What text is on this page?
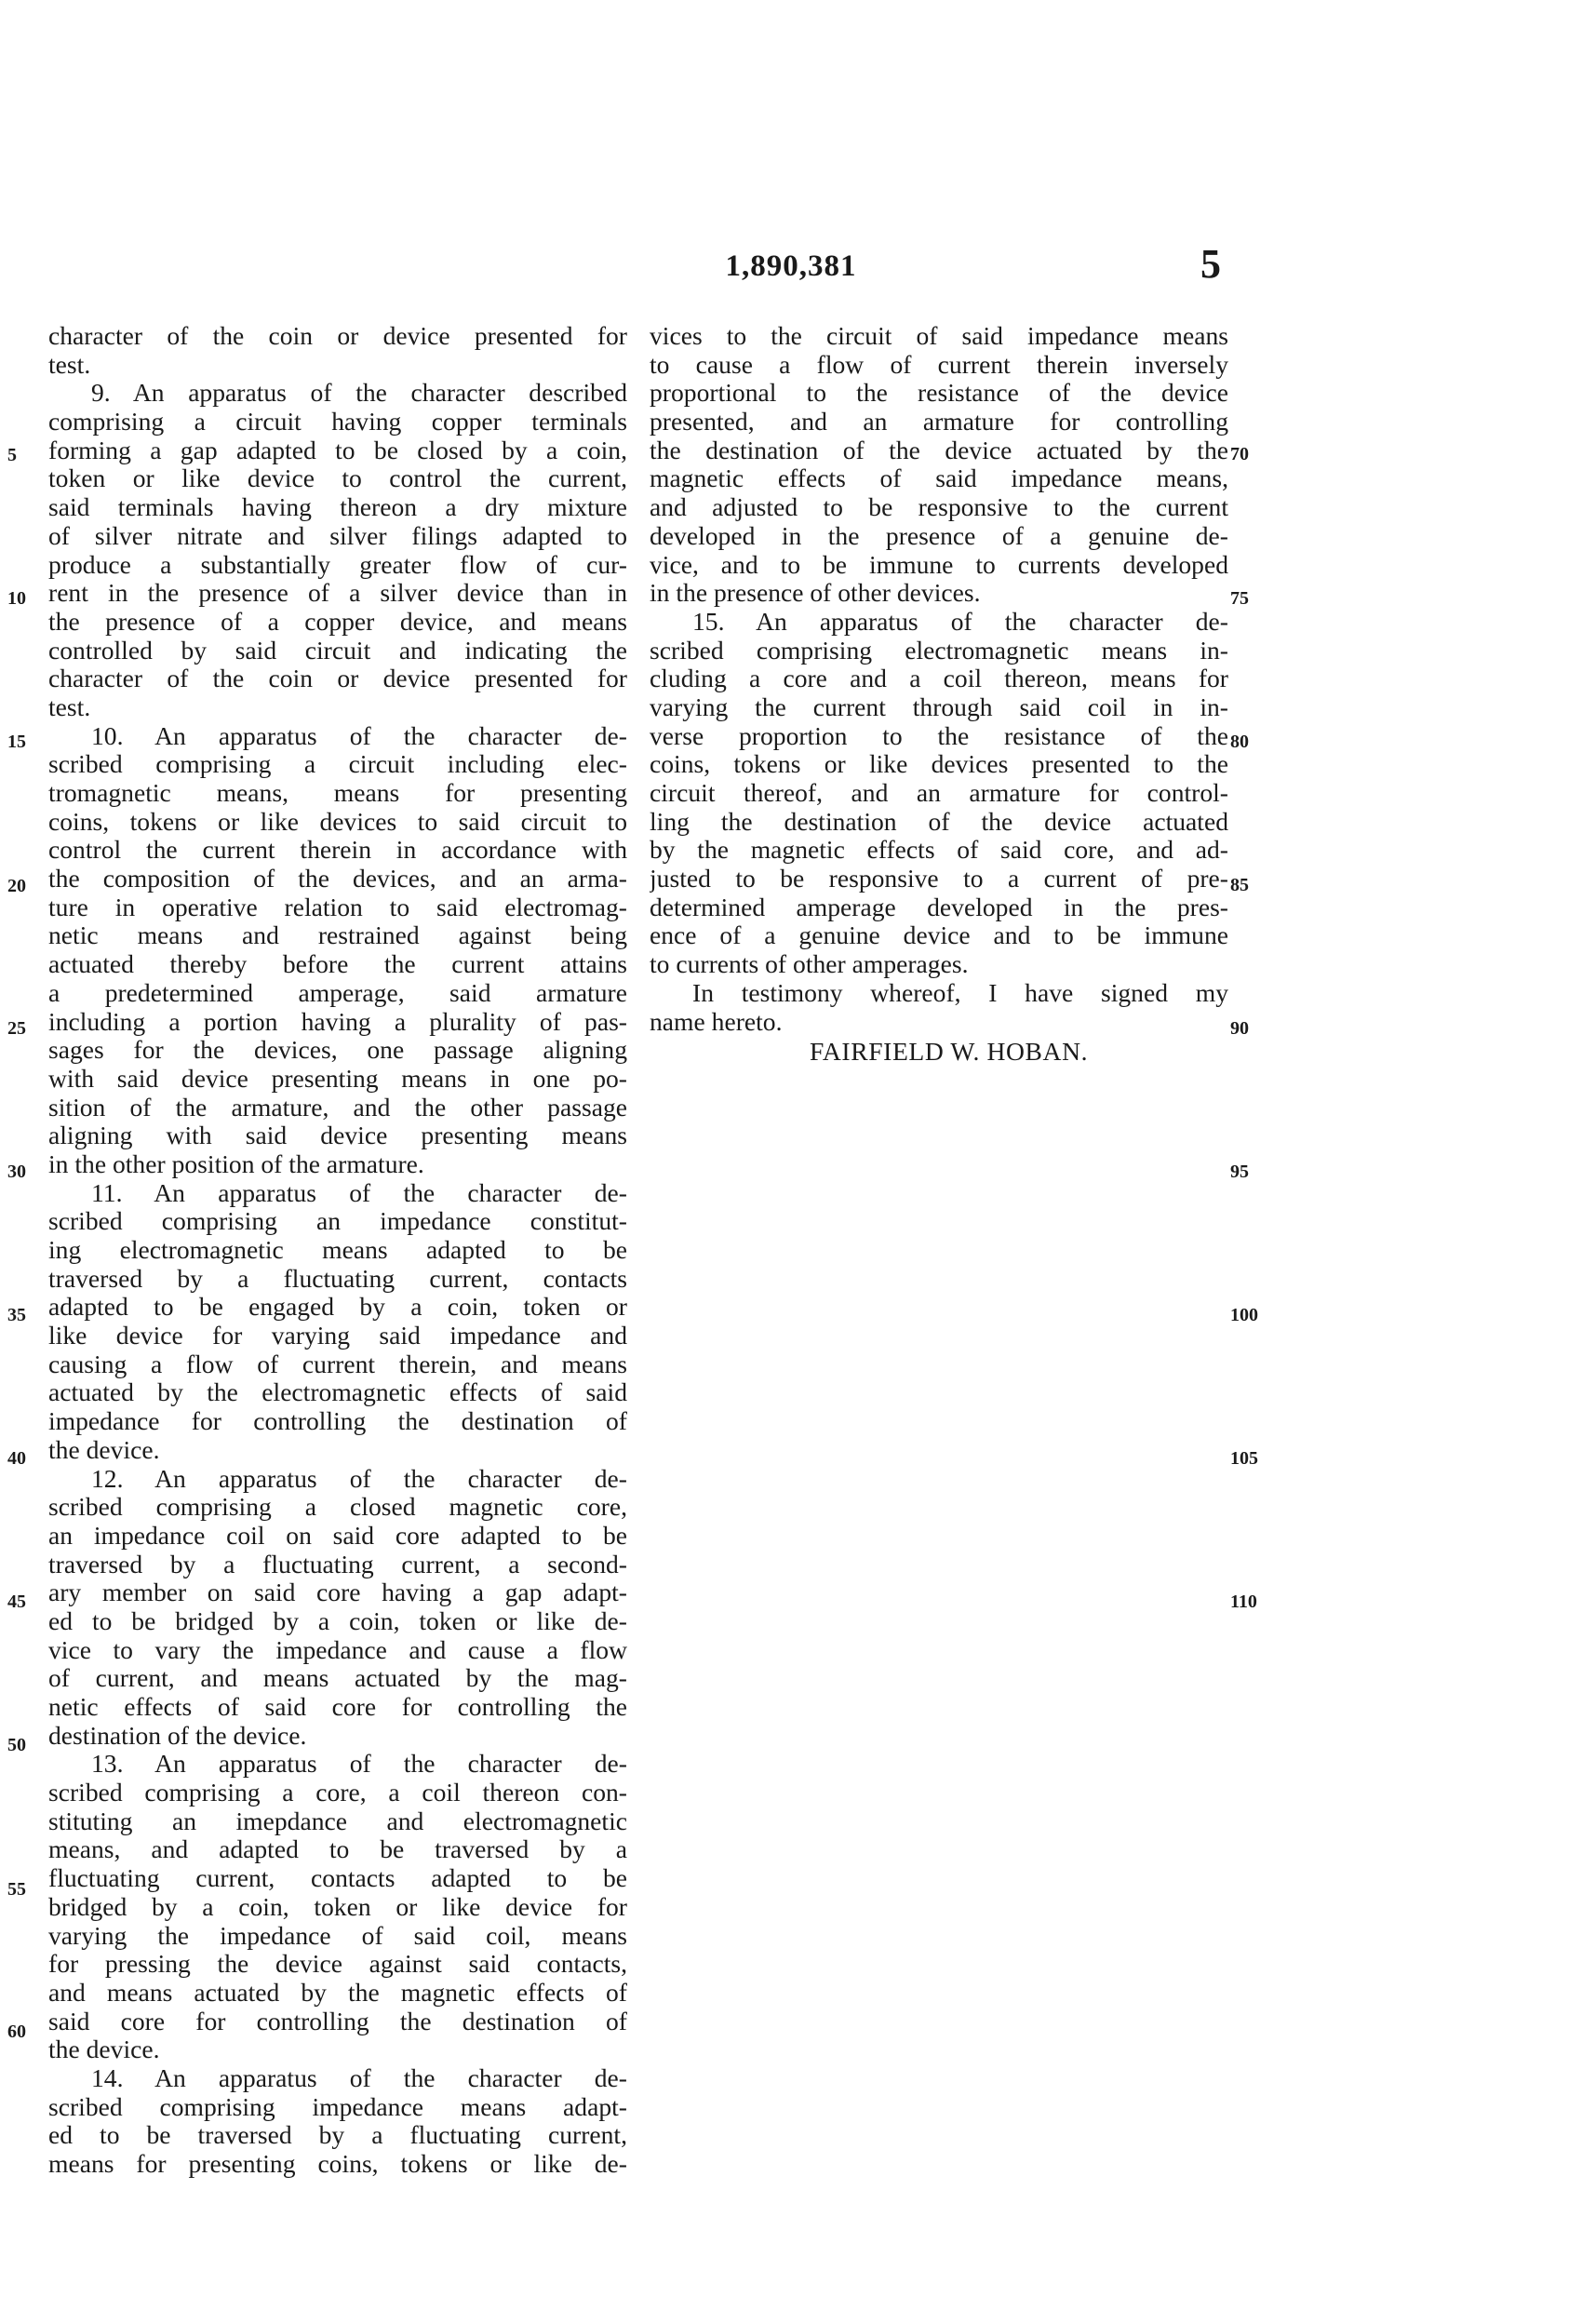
1,890,381	5
character of the coin or device presented for
test.
9. An apparatus of the character described
comprising a circuit having copper terminals
forming a gap adapted to be closed by a coin,
token or like device to control the current,
said terminals having thereon a dry mixture
of silver nitrate and silver filings adapted to
produce a substantially greater flow of cur-
rent in the presence of a silver device than in
the presence of a copper device, and means
controlled by said circuit and indicating the
character of the coin or device presented for
test.
10. An apparatus of the character de-
scribed comprising a circuit including elec-
tromagnetic means, means for presenting
coins, tokens or like devices to said circuit to
control the current therein in accordance with
the composition of the devices, and an arma-
ture in operative relation to said electromag-
netic means and restrained against being
actuated thereby before the current attains
a predetermined amperage, said armature
including a portion having a plurality of pas-
sages for the devices, one passage aligning
with said device presenting means in one po-
sition of the armature, and the other passage
aligning with said device presenting means
in the other position of the armature.
11. An apparatus of the character de-
scribed comprising an impedance constitut-
ing electromagnetic means adapted to be
traversed by a fluctuating current, contacts
adapted to be engaged by a coin, token or
like device for varying said impedance and
causing a flow of current therein, and means
actuated by the electromagnetic effects of said
impedance for controlling the destination of
the device.
12. An apparatus of the character de-
scribed comprising a closed magnetic core,
an impedance coil on said core adapted to be
traversed by a fluctuating current, a second-
ary member on said core having a gap adapt-
ed to be bridged by a coin, token or like de-
vice to vary the impedance and cause a flow
of current, and means actuated by the mag-
netic effects of said core for controlling the
destination of the device.
13. An apparatus of the character de-
scribed comprising a core, a coil thereon con-
stituting an imepdance and electromagnetic
means, and adapted to be traversed by a
fluctuating current, contacts adapted to be
bridged by a coin, token or like device for
varying the impedance of said coil, means
for pressing the device against said contacts,
and means actuated by the magnetic effects of
said core for controlling the destination of
the device.
14. An apparatus of the character de-
scribed comprising impedance means adapt-
ed to be traversed by a fluctuating current,
means for presenting coins, tokens or like de-
vices to the circuit of said impedance means
to cause a flow of current therein inversely
proportional to the resistance of the device
presented, and an armature for controlling
the destination of the device actuated by the
magnetic effects of said impedance means,
and adjusted to be responsive to the current
developed in the presence of a genuine de-
vice, and to be immune to currents developed
in the presence of other devices.
15. An apparatus of the character de-
scribed comprising electromagnetic means in-
cluding a core and a coil thereon, means for
varying the current through said coil in in-
verse proportion to the resistance of the
coins, tokens or like devices presented to the
circuit thereof, and an armature for control-
ling the destination of the device actuated
by the magnetic effects of said core, and ad-
justed to be responsive to a current of pre-
determined amperage developed in the pres-
ence of a genuine device and to be immune
to currents of other amperages.
In testimony whereof, I have signed my
name hereto.
FAIRFIELD W. HOBAN.
5
10
15
20
25
30
35
40
45
50
55
60
70
75
80
85
90
95
100
105
110
